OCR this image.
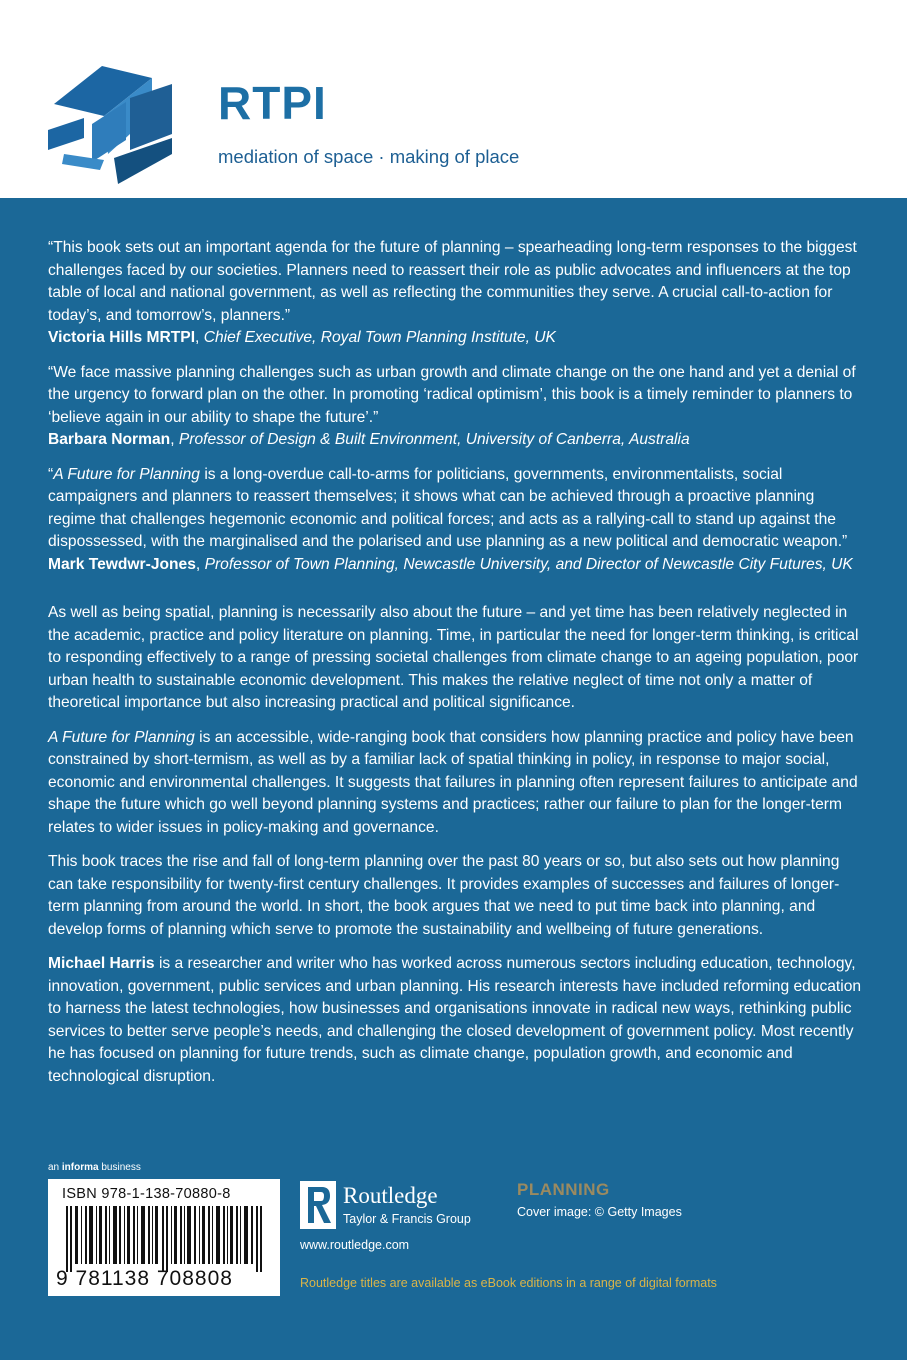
RTPI
mediation of space · making of place
“This book sets out an important agenda for the future of planning – spearheading long-term responses to the biggest challenges faced by our societies. Planners need to reassert their role as public advocates and influencers at the top table of local and national government, as well as reflecting the communities they serve. A crucial call-to-action for today’s, and tomorrow’s, planners.”
Victoria Hills MRTPI, Chief Executive, Royal Town Planning Institute, UK
“We face massive planning challenges such as urban growth and climate change on the one hand and yet a denial of the urgency to forward plan on the other. In promoting ‘radical optimism’, this book is a timely reminder to planners to ‘believe again in our ability to shape the future’.”
Barbara Norman, Professor of Design & Built Environment, University of Canberra, Australia
“A Future for Planning is a long-overdue call-to-arms for politicians, governments, environmentalists, social campaigners and planners to reassert themselves; it shows what can be achieved through a proactive planning regime that challenges hegemonic economic and political forces; and acts as a rallying-call to stand up against the dispossessed, with the marginalised and the polarised and use planning as a new political and democratic weapon.”
Mark Tewdwr-Jones, Professor of Town Planning, Newcastle University, and Director of Newcastle City Futures, UK

As well as being spatial, planning is necessarily also about the future – and yet time has been relatively neglected in the academic, practice and policy literature on planning. Time, in particular the need for longer-term thinking, is critical to responding effectively to a range of pressing societal challenges from climate change to an ageing population, poor urban health to sustainable economic development. This makes the relative neglect of time not only a matter of theoretical importance but also increasing practical and political significance.

A Future for Planning is an accessible, wide-ranging book that considers how planning practice and policy have been constrained by short-termism, as well as by a familiar lack of spatial thinking in policy, in response to major social, economic and environmental challenges. It suggests that failures in planning often represent failures to anticipate and shape the future which go well beyond planning systems and practices; rather our failure to plan for the longer-term relates to wider issues in policy-making and governance.

This book traces the rise and fall of long-term planning over the past 80 years or so, but also sets out how planning can take responsibility for twenty-first century challenges. It provides examples of successes and failures of longer-term planning from around the world. In short, the book argues that we need to put time back into planning, and develop forms of planning which serve to promote the sustainability and wellbeing of future generations.

Michael Harris is a researcher and writer who has worked across numerous sectors including education, technology, innovation, government, public services and urban planning. His research interests have included reforming education to harness the latest technologies, how businesses and organisations innovate in radical new ways, rethinking public services to better serve people’s needs, and challenging the closed development of government policy. Most recently he has focused on planning for future trends, such as climate change, population growth, and economic and technological disruption.

an informa business
ISBN 978-1-138-70880-8
9 781138 708808
Routledge
Taylor & Francis Group
www.routledge.com
PLANNING
Cover image: © Getty Images
Routledge titles are available as eBook editions in a range of digital formats
